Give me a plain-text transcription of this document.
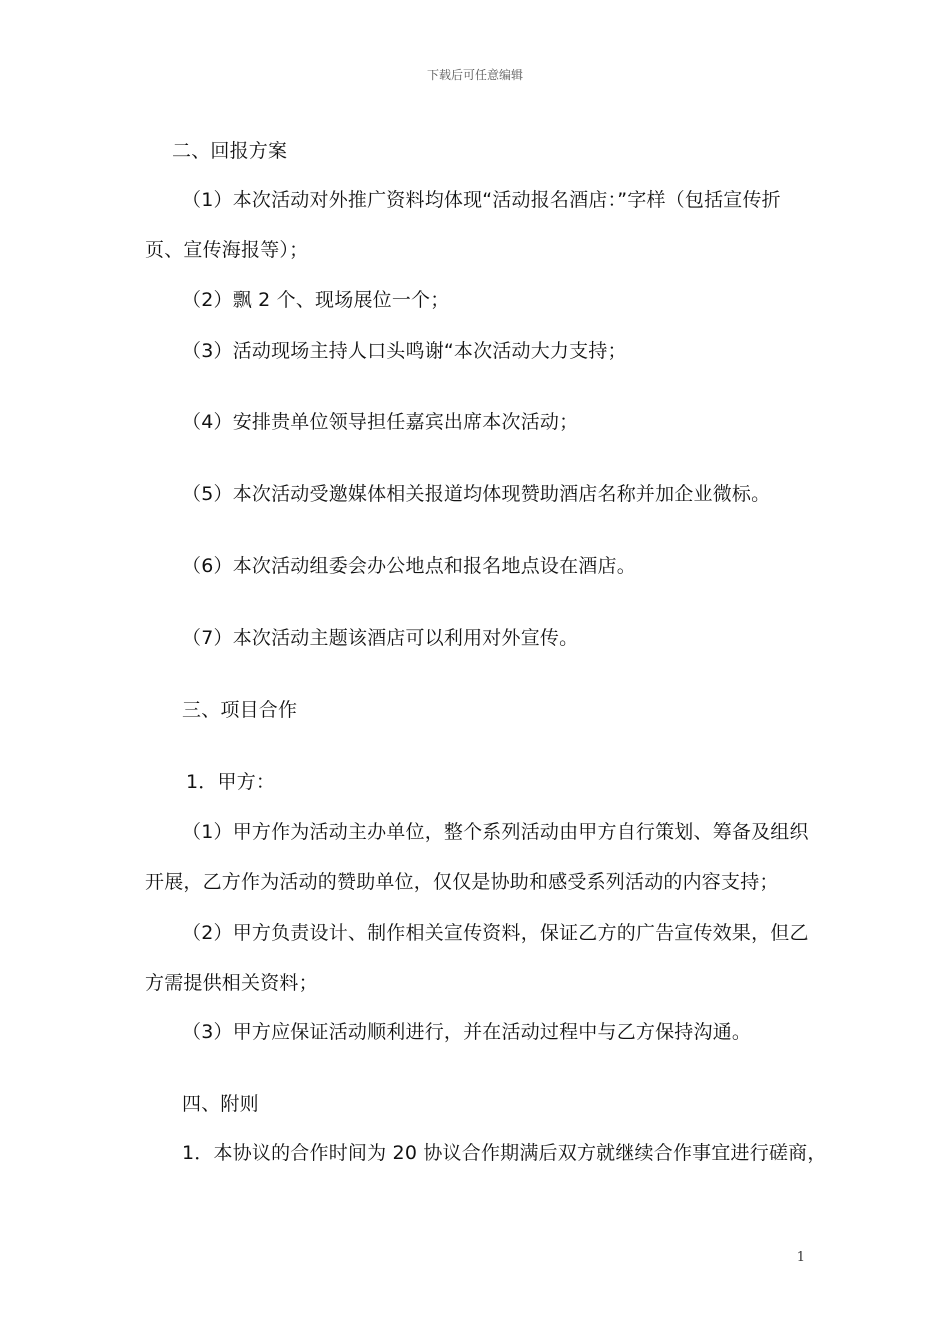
下载后可任意编辑
二、回报方案
（1）本次活动对外推广资料均体现“活动报名酒店：”字样（包括宣传折
页、宣传海报等）；
（2）飘 2 个、现场展位一个；
（3）活动现场主持人口头鸣谢“本次活动大力支持；
（4）安排贵单位领导担任嘉宾出席本次活动；
（5）本次活动受邀媒体相关报道均体现赞助酒店名称并加企业微标。
（6）本次活动组委会办公地点和报名地点设在酒店。
（7）本次活动主题该酒店可以利用对外宣传。
三、项目合作
1．甲方：
（1）甲方作为活动主办单位，整个系列活动由甲方自行策划、筹备及组织
开展，乙方作为活动的赞助单位，仅仅是协助和感受系列活动的内容支持；
（2）甲方负责设计、制作相关宣传资料，保证乙方的广告宣传效果，但乙
方需提供相关资料；
（3）甲方应保证活动顺利进行，并在活动过程中与乙方保持沟通。
四、附则
1．本协议的合作时间为 20 协议合作期满后双方就继续合作事宜进行磋商，
1
